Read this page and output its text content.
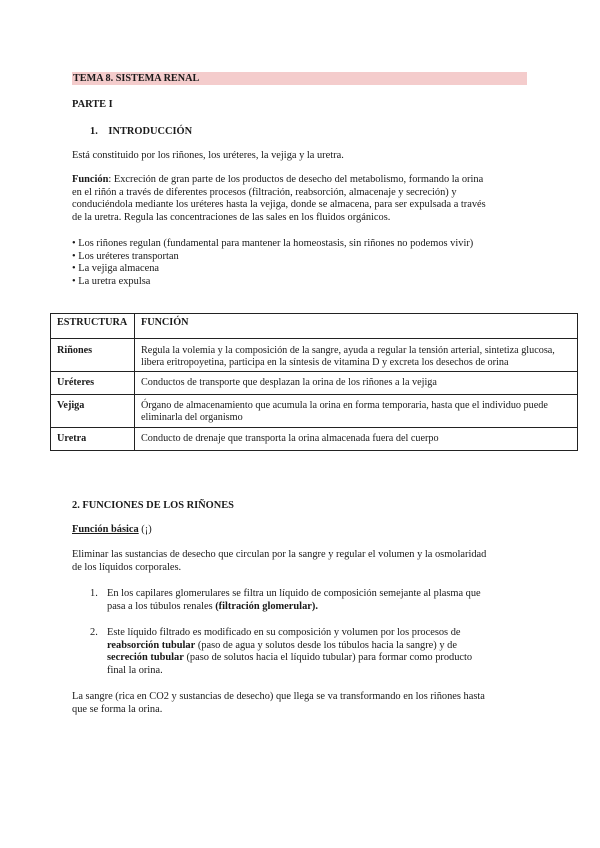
TEMA 8. SISTEMA RENAL
PARTE I
1. INTRODUCCIÓN
Está constituido por los riñones, los uréteres, la vejiga y la uretra.
Función: Excreción de gran parte de los productos de desecho del metabolismo, formando la orina
en el riñón a través de diferentes procesos (filtración, reabsorción, almacenaje y secreción) y
conduciéndola mediante los uréteres hasta la vejiga, donde se almacena, para ser expulsada a través
de la uretra. Regula las concentraciones de las sales en los fluidos orgánicos.
• Los riñones regulan (fundamental para mantener la homeostasis, sin riñones no podemos vivir)
• Los uréteres transportan
• La vejiga almacena
• La uretra expulsa
ESTRUCTURA	FUNCIÓN
Riñones	Regula la volemia y la composición de la sangre, ayuda a regular la tensión arterial, sintetiza glucosa, libera eritropoyetina, participa en la síntesis de vitamina D y excreta los desechos de orina
Uréteres	Conductos de transporte que desplazan la orina de los riñones a la vejiga
Vejiga	Órgano de almacenamiento que acumula la orina en forma temporaria, hasta que el individuo puede eliminarla del organismo
Uretra	Conducto de drenaje que transporta la orina almacenada fuera del cuerpo
2. FUNCIONES DE LOS RIÑONES
Función básica (¡)
Eliminar las sustancias de desecho que circulan por la sangre y regular el volumen y la osmolaridad
de los líquidos corporales.
1. En los capilares glomerulares se filtra un líquido de composición semejante al plasma que
pasa a los túbulos renales (filtración glomerular).
2. Este líquido filtrado es modificado en su composición y volumen por los procesos de
reabsorción tubular (paso de agua y solutos desde los túbulos hacia la sangre) y de
secreción tubular (paso de solutos hacia el líquido tubular) para formar como producto
final la orina.
La sangre (rica en CO2 y sustancias de desecho) que llega se va transformando en los riñones hasta
que se forma la orina.
